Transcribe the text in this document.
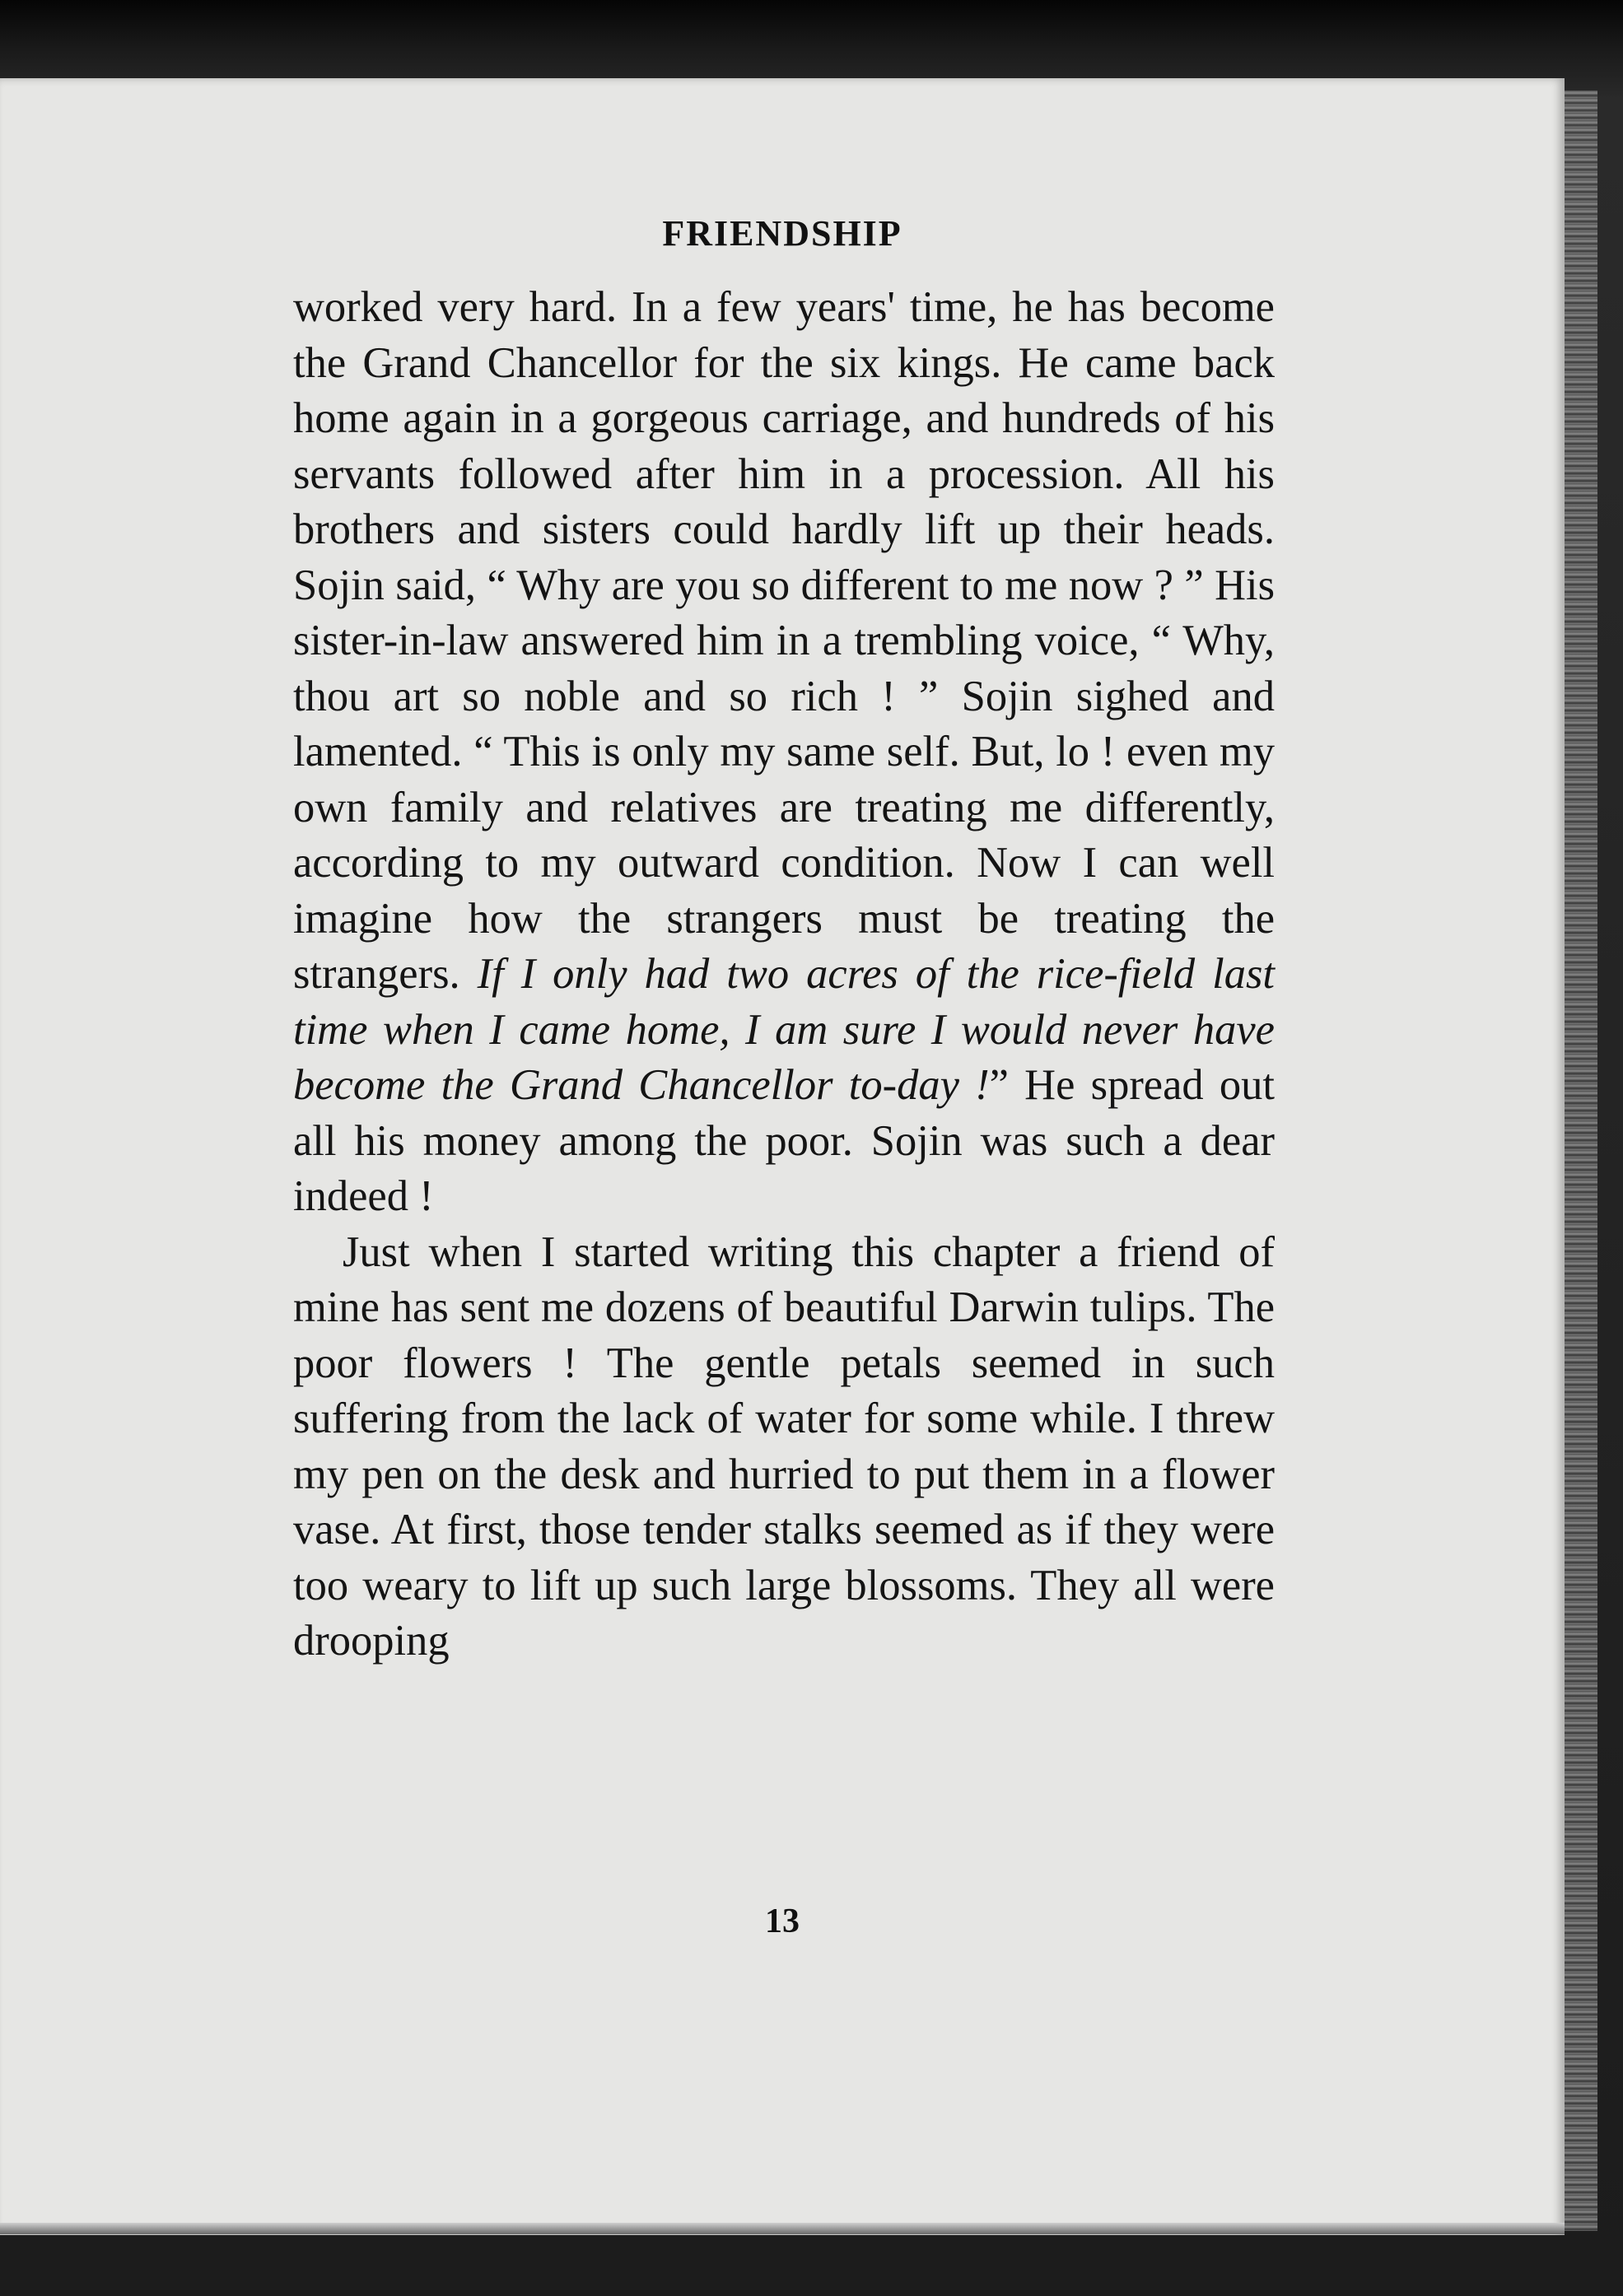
FRIENDSHIP

worked very hard. In a few years' time, he has become the Grand Chancellor for the six kings. He came back home again in a gorgeous carriage, and hundreds of his servants followed after him in a procession. All his brothers and sisters could hardly lift up their heads. Sojin said, “ Why are you so different to me now ? ” His sister-in-law answered him in a trembling voice, “ Why, thou art so noble and so rich ! ” Sojin sighed and lamented. “ This is only my same self. But, lo ! even my own family and relatives are treating me differently, according to my outward condition. Now I can well imagine how the strangers must be treating the strangers. If I only had two acres of the rice-field last time when I came home, I am sure I would never have become the Grand Chancellor to-day !” He spread out all his money among the poor. Sojin was such a dear indeed !

Just when I started writing this chapter a friend of mine has sent me dozens of beautiful Darwin tulips. The poor flowers ! The gentle petals seemed in such suffering from the lack of water for some while. I threw my pen on the desk and hurried to put them in a flower vase. At first, those tender stalks seemed as if they were too weary to lift up such large blossoms. They all were drooping

13
